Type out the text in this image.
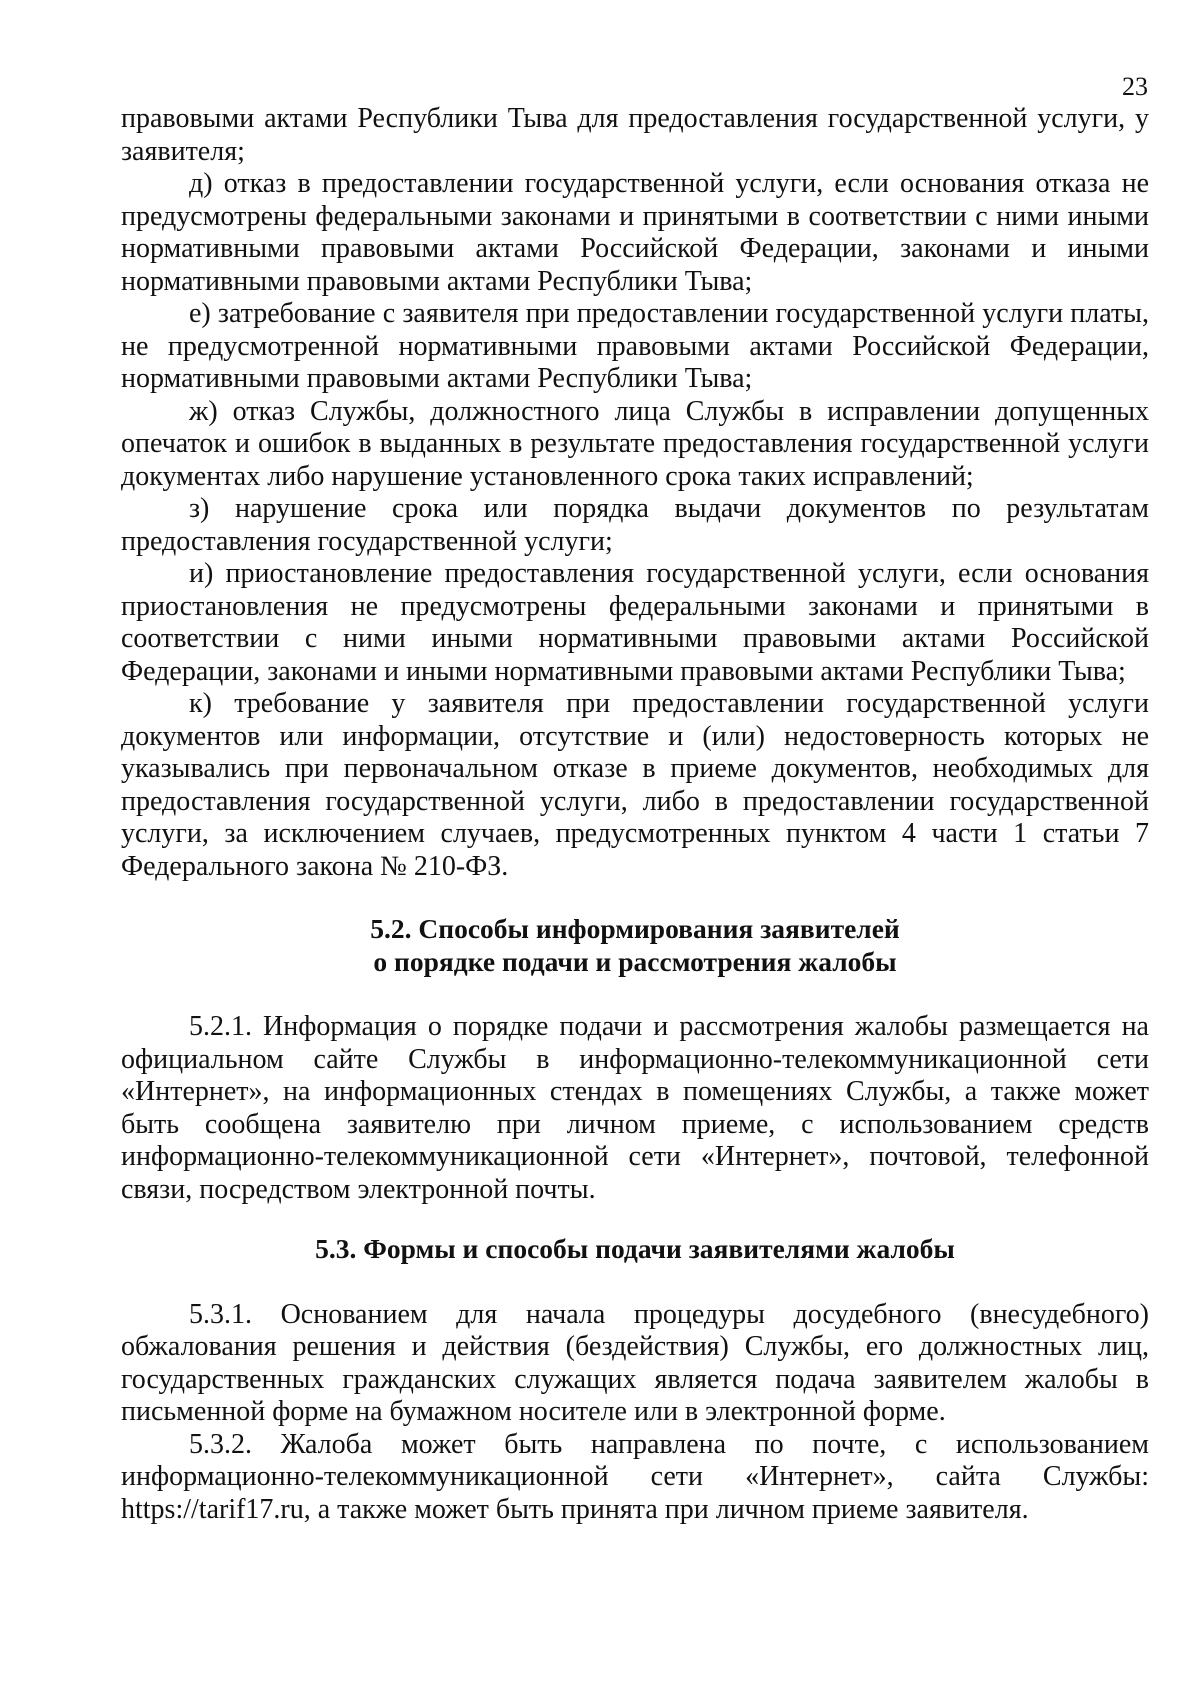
23

правовыми актами Республики Тыва для предоставления государственной услуги, у заявителя;

д) отказ в предоставлении государственной услуги, если основания отказа не предусмотрены федеральными законами и принятыми в соответствии с ними иными нормативными правовыми актами Российской Федерации, законами и иными нормативными правовыми актами Республики Тыва;

е) затребование с заявителя при предоставлении государственной услуги платы, не предусмотренной нормативными правовыми актами Российской Федерации, нормативными правовыми актами Республики Тыва;

ж) отказ Службы, должностного лица Службы в исправлении допущенных опечаток и ошибок в выданных в результате предоставления государственной услуги документах либо нарушение установленного срока таких исправлений;

з) нарушение срока или порядка выдачи документов по результатам предоставления государственной услуги;

и) приостановление предоставления государственной услуги, если основания приостановления не предусмотрены федеральными законами и принятыми в соответствии с ними иными нормативными правовыми актами Российской Федерации, законами и иными нормативными правовыми актами Республики Тыва;

к) требование у заявителя при предоставлении государственной услуги документов или информации, отсутствие и (или) недостоверность которых не указывались при первоначальном отказе в приеме документов, необходимых для предоставления государственной услуги, либо в предоставлении государственной услуги, за исключением случаев, предусмотренных пунктом 4 части 1 статьи 7 Федерального закона № 210-ФЗ.

5.2. Способы информирования заявителей
о порядке подачи и рассмотрения жалобы

5.2.1. Информация о порядке подачи и рассмотрения жалобы размещается на официальном сайте Службы в информационно-телекоммуникационной сети «Интернет», на информационных стендах в помещениях Службы, а также может быть сообщена заявителю при личном приеме, с использованием средств информационно-телекоммуникационной сети «Интернет», почтовой, телефонной связи, посредством электронной почты.

5.3. Формы и способы подачи заявителями жалобы

5.3.1. Основанием для начала процедуры досудебного (внесудебного) обжалования решения и действия (бездействия) Службы, его должностных лиц, государственных гражданских служащих является подача заявителем жалобы в письменной форме на бумажном носителе или в электронной форме.

5.3.2. Жалоба может быть направлена по почте, с использованием информационно-телекоммуникационной сети «Интернет», сайта Службы: https://tarif17.ru, а также может быть принята при личном приеме заявителя.
